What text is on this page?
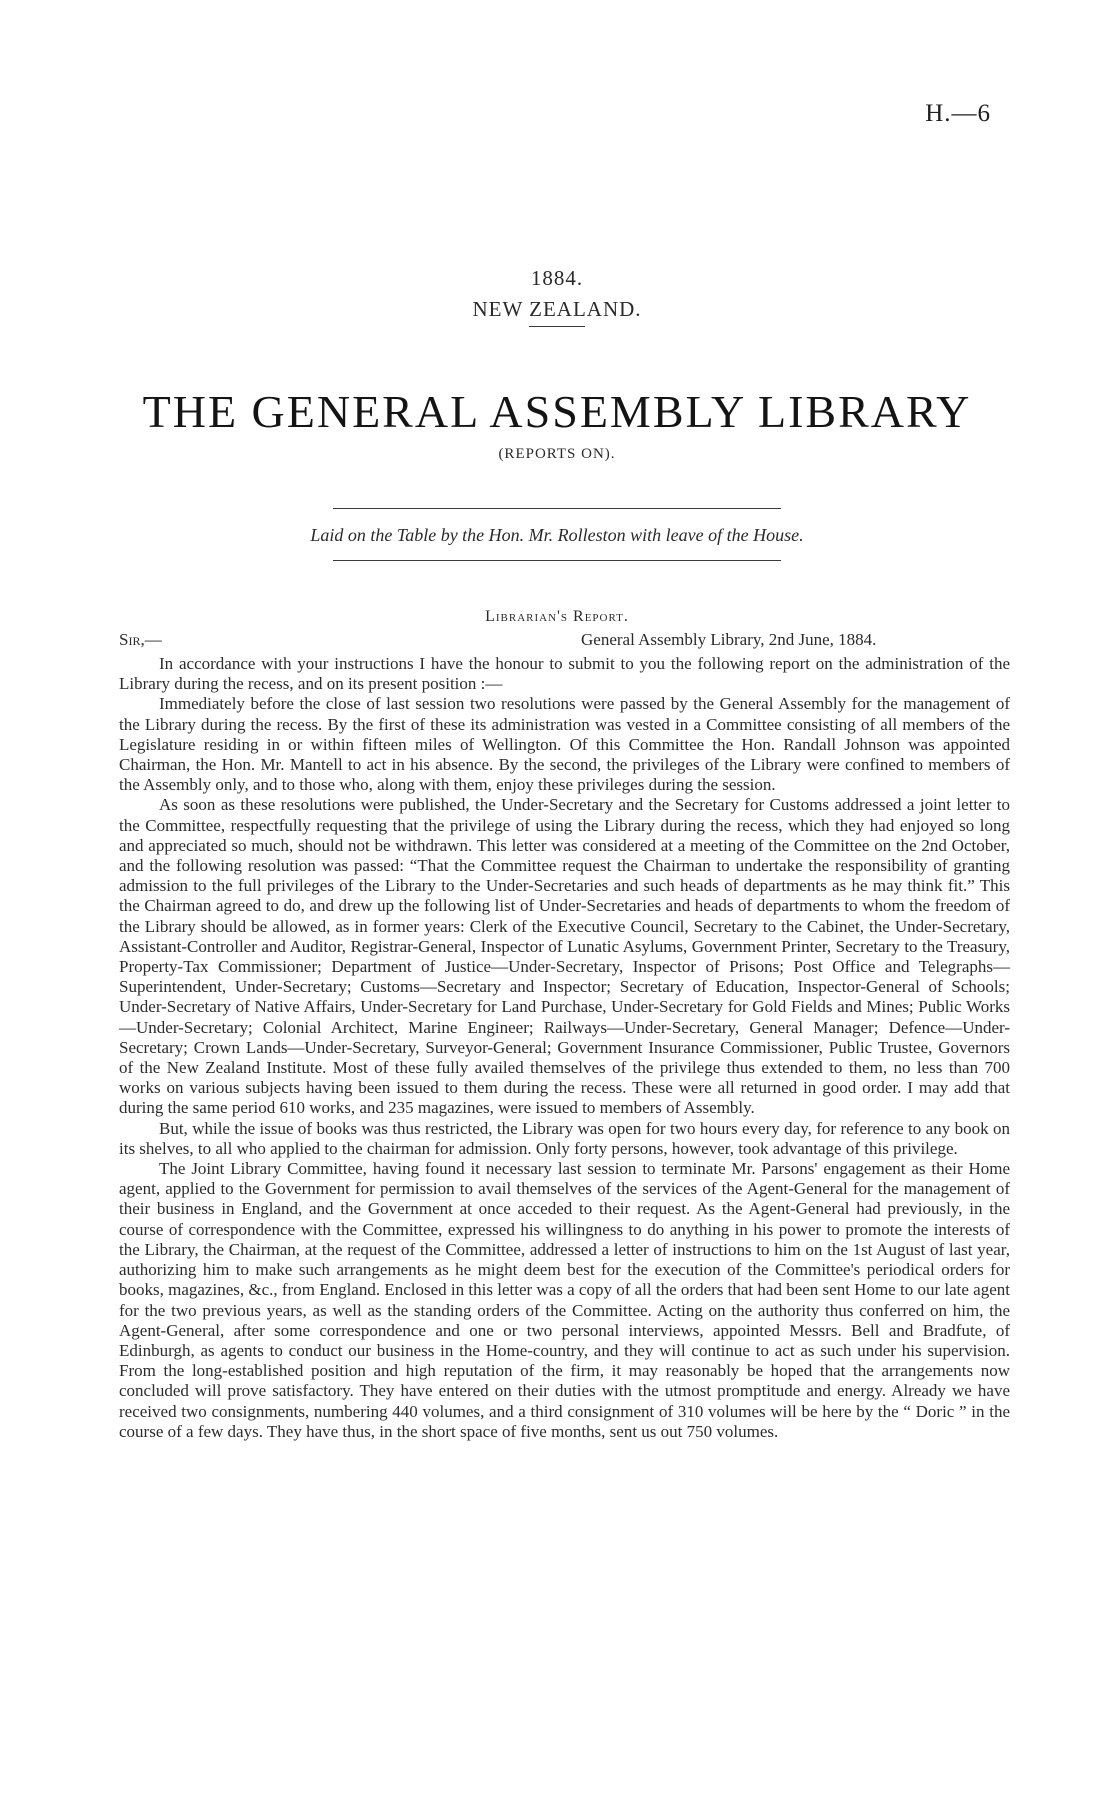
H.—6
1884.
NEW ZEALAND.
THE GENERAL ASSEMBLY LIBRARY
(REPORTS ON).
Laid on the Table by the Hon. Mr. Rolleston with leave of the House.
Librarian's Report.
Sir,—	General Assembly Library, 2nd June, 1884.

In accordance with your instructions I have the honour to submit to you the following report on the administration of the Library during the recess, and on its present position :—

Immediately before the close of last session two resolutions were passed by the General Assembly for the management of the Library during the recess. By the first of these its administration was vested in a Committee consisting of all members of the Legislature residing in or within fifteen miles of Wellington. Of this Committee the Hon. Randall Johnson was appointed Chairman, the Hon. Mr. Mantell to act in his absence. By the second, the privileges of the Library were confined to members of the Assembly only, and to those who, along with them, enjoy these privileges during the session.

As soon as these resolutions were published, the Under-Secretary and the Secretary for Customs addressed a joint letter to the Committee, respectfully requesting that the privilege of using the Library during the recess, which they had enjoyed so long and appreciated so much, should not be withdrawn. This letter was considered at a meeting of the Committee on the 2nd October, and the following resolution was passed: “That the Committee request the Chairman to undertake the responsibility of granting admission to the full privileges of the Library to the Under-Secretaries and such heads of departments as he may think fit.” This the Chairman agreed to do, and drew up the following list of Under-Secretaries and heads of departments to whom the freedom of the Library should be allowed, as in former years: Clerk of the Executive Council, Secretary to the Cabinet, the Under-Secretary, Assistant-Controller and Auditor, Registrar-General, Inspector of Lunatic Asylums, Government Printer, Secretary to the Treasury, Property-Tax Commissioner; Department of Justice—Under-Secretary, Inspector of Prisons; Post Office and Telegraphs—Superintendent, Under-Secretary; Customs—Secretary and Inspector; Secretary of Education, Inspector-General of Schools; Under-Secretary of Native Affairs, Under-Secretary for Land Purchase, Under-Secretary for Gold Fields and Mines; Public Works—Under-Secretary; Colonial Architect, Marine Engineer; Railways—Under-Secretary, General Manager; Defence—Under-Secretary; Crown Lands—Under-Secretary, Surveyor-General; Government Insurance Commissioner, Public Trustee, Governors of the New Zealand Institute. Most of these fully availed themselves of the privilege thus extended to them, no less than 700 works on various subjects having been issued to them during the recess. These were all returned in good order. I may add that during the same period 610 works, and 235 magazines, were issued to members of Assembly.

But, while the issue of books was thus restricted, the Library was open for two hours every day, for reference to any book on its shelves, to all who applied to the chairman for admission. Only forty persons, however, took advantage of this privilege.

The Joint Library Committee, having found it necessary last session to terminate Mr. Parsons' engagement as their Home agent, applied to the Government for permission to avail themselves of the services of the Agent-General for the management of their business in England, and the Government at once acceded to their request. As the Agent-General had previously, in the course of correspondence with the Committee, expressed his willingness to do anything in his power to promote the interests of the Library, the Chairman, at the request of the Committee, addressed a letter of instructions to him on the 1st August of last year, authorizing him to make such arrangements as he might deem best for the execution of the Committee's periodical orders for books, magazines, &c., from England. Enclosed in this letter was a copy of all the orders that had been sent Home to our late agent for the two previous years, as well as the standing orders of the Committee. Acting on the authority thus conferred on him, the Agent-General, after some correspondence and one or two personal interviews, appointed Messrs. Bell and Bradfute, of Edinburgh, as agents to conduct our business in the Home-country, and they will continue to act as such under his supervision. From the long-established position and high reputation of the firm, it may reasonably be hoped that the arrangements now concluded will prove satisfactory. They have entered on their duties with the utmost promptitude and energy. Already we have received two consignments, numbering 440 volumes, and a third consignment of 310 volumes will be here by the “ Doric ” in the course of a few days. They have thus, in the short space of five months, sent us out 750 volumes.
